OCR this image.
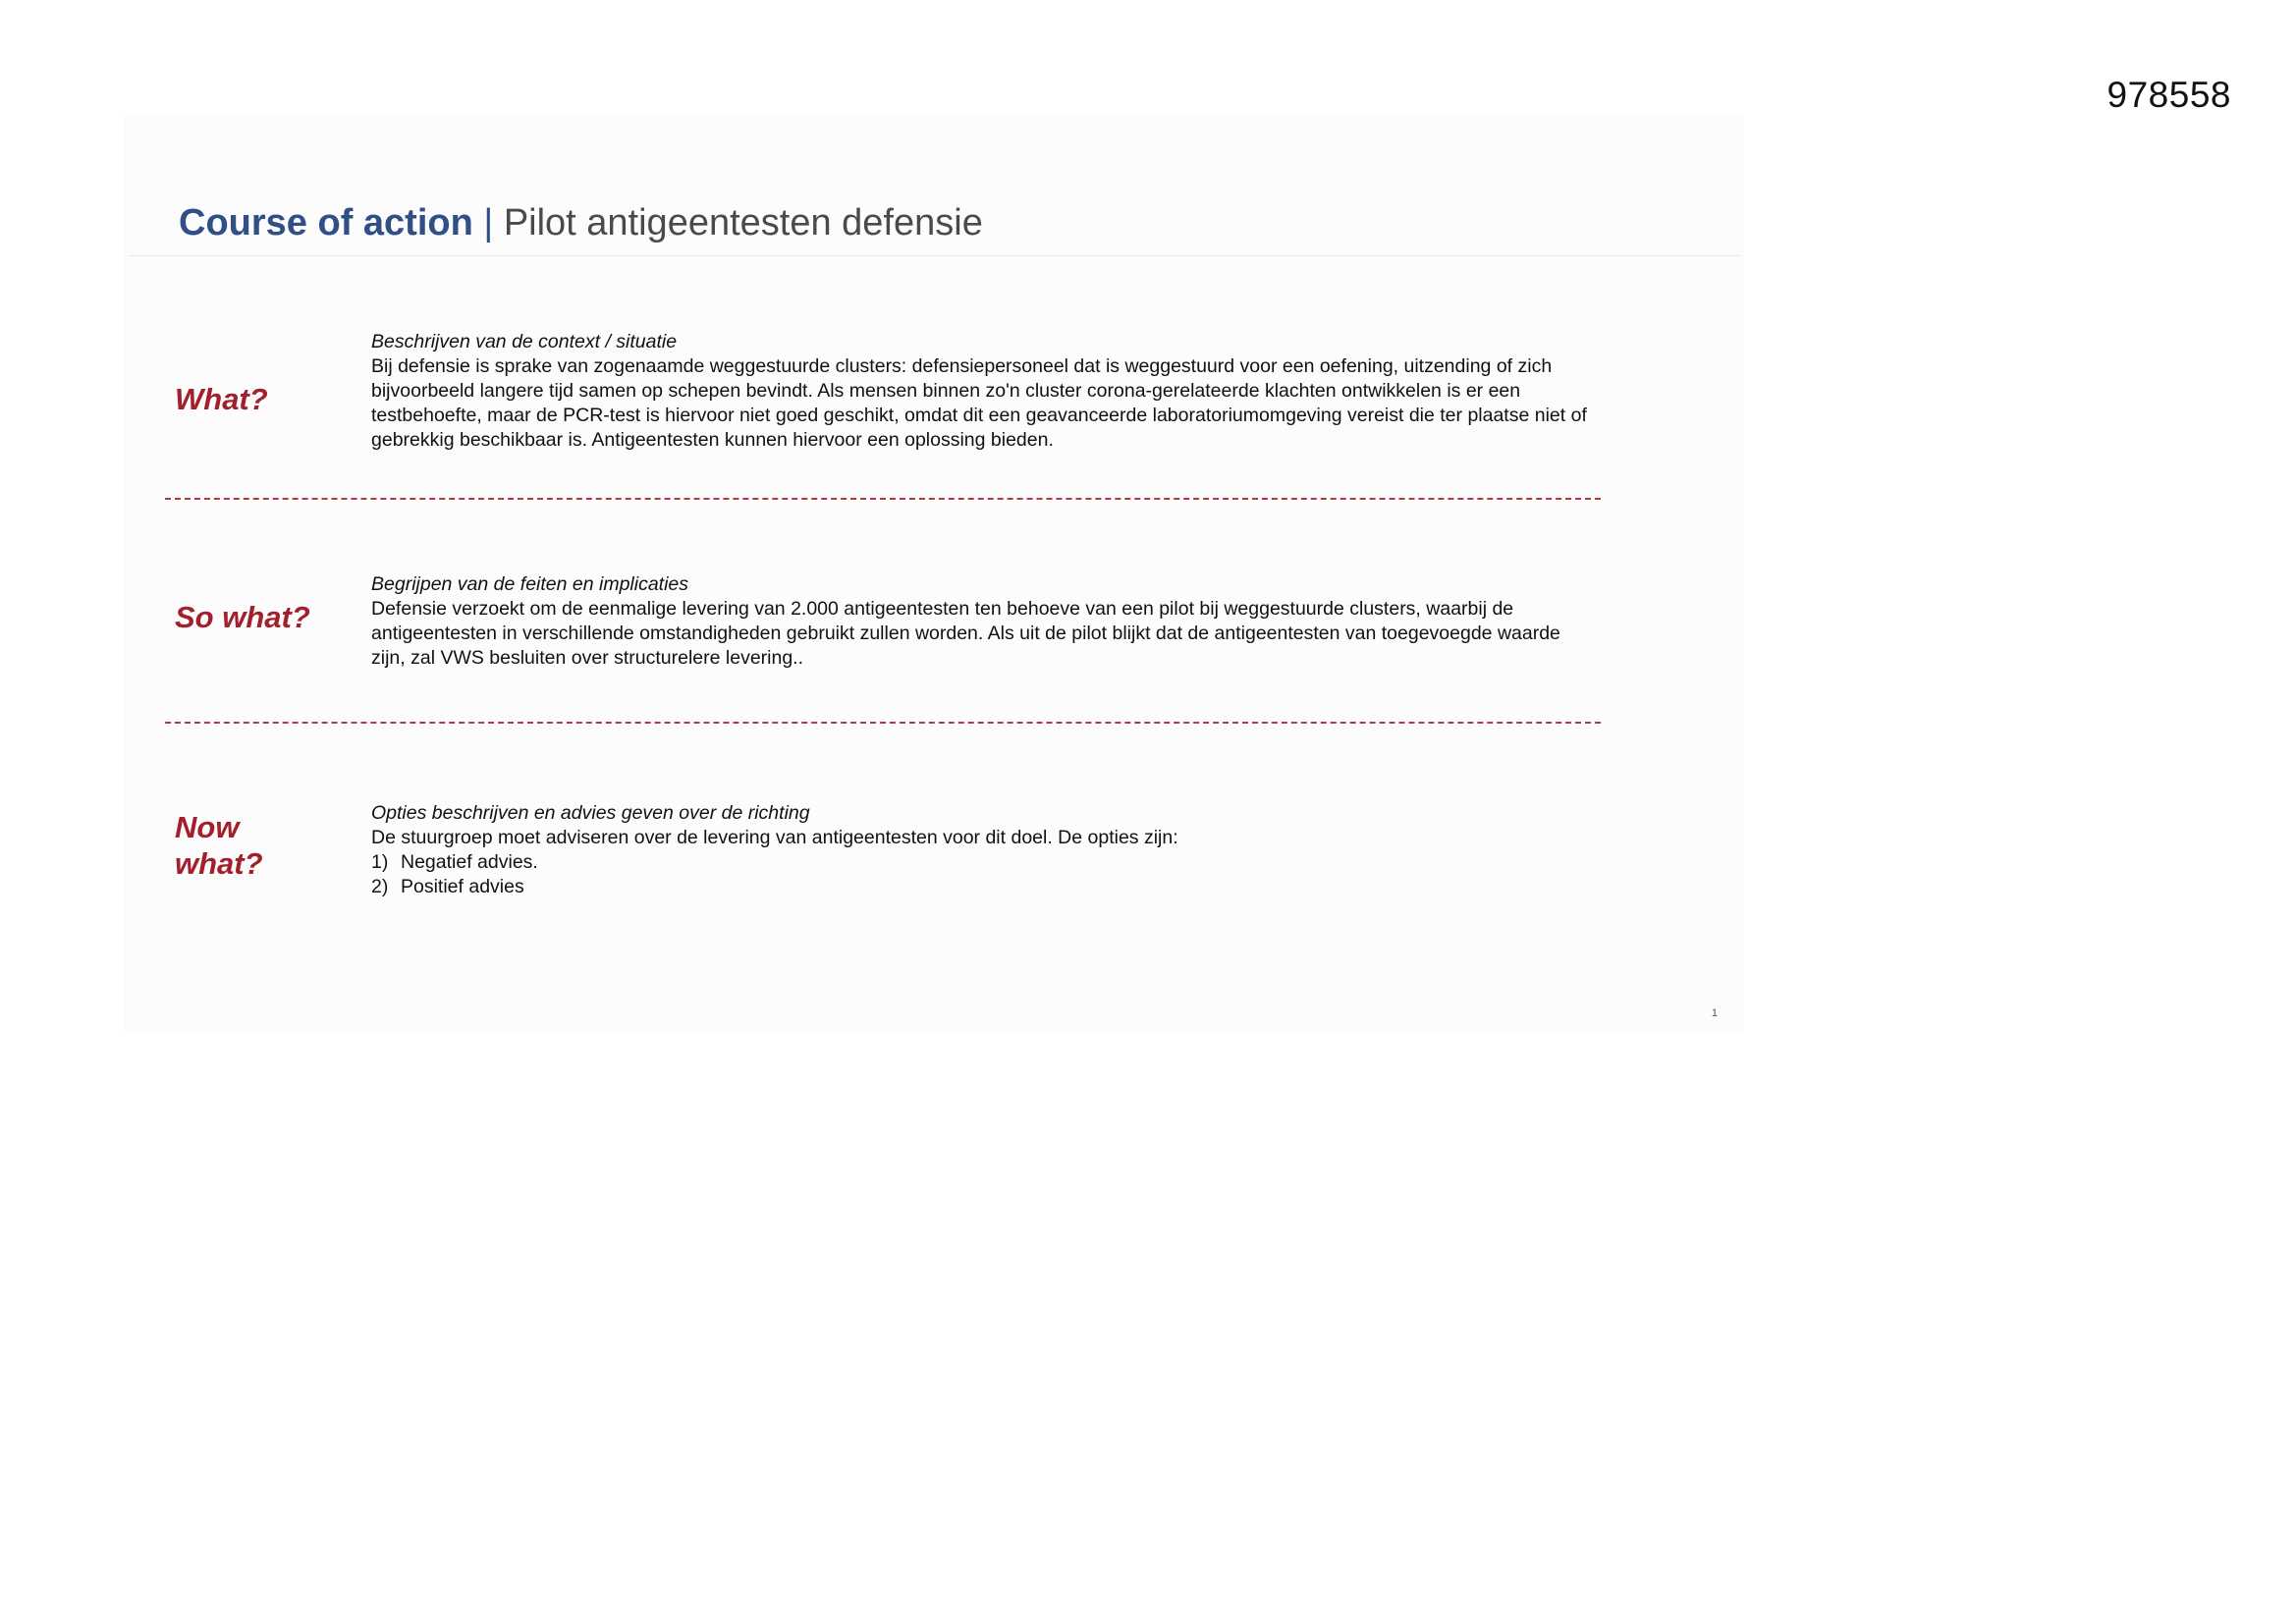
978558
Course of action | Pilot antigeentesten defensie
What?
Beschrijven van de context / situatie
Bij defensie is sprake van zogenaamde weggestuurde clusters: defensiepersoneel dat is weggestuurd voor een oefening, uitzending of zich bijvoorbeeld langere tijd samen op schepen bevindt. Als mensen binnen zo'n cluster corona-gerelateerde klachten ontwikkelen is er een testbehoefte, maar de PCR-test is hiervoor niet goed geschikt, omdat dit een geavanceerde laboratoriumomgeving vereist die ter plaatse niet of gebrekkig beschikbaar is. Antigeentesten kunnen hiervoor een oplossing bieden.
So what?
Begrijpen van de feiten en implicaties
Defensie verzoekt om de eenmalige levering van 2.000 antigeentesten ten behoeve van een pilot bij weggestuurde clusters, waarbij de antigeentesten in verschillende omstandigheden gebruikt zullen worden. Als uit de pilot blijkt dat de antigeentesten van toegevoegde waarde zijn, zal VWS besluiten over structurelere levering..
Now
what?
Opties beschrijven en advies geven over de richting
De stuurgroep moet adviseren over de levering van antigeentesten voor dit doel. De opties zijn:
1) Negatief advies.
2) Positief advies
1
